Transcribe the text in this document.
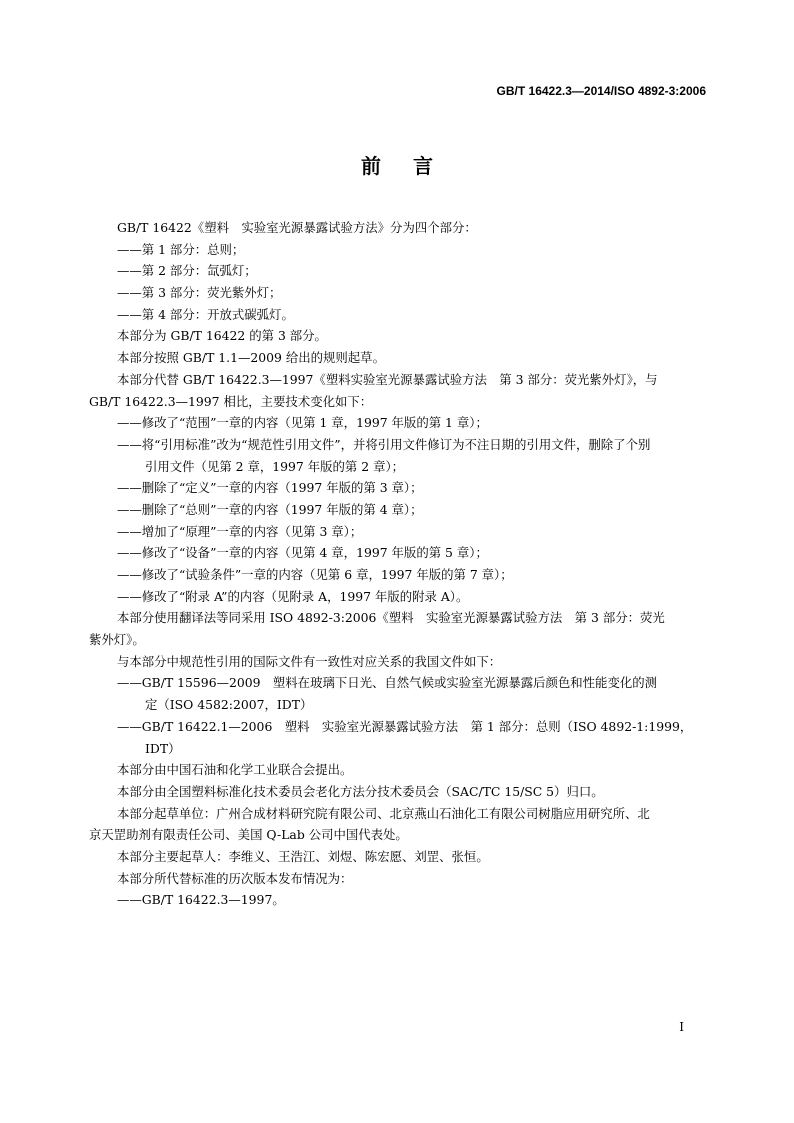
GB/T 16422.3—2014/ISO 4892-3:2006
前言
GB/T 16422《塑料　实验室光源暴露试验方法》分为四个部分：
——第 1 部分：总则；
——第 2 部分：氙弧灯；
——第 3 部分：荧光紫外灯；
——第 4 部分：开放式碳弧灯。
本部分为 GB/T 16422 的第 3 部分。
本部分按照 GB/T 1.1—2009 给出的规则起草。
本部分代替 GB/T 16422.3—1997《塑料实验室光源暴露试验方法　第 3 部分：荧光紫外灯》，与
GB/T 16422.3—1997 相比，主要技术变化如下：
——修改了“范围”一章的内容（见第 1 章，1997 年版的第 1 章）；
——将“引用标准”改为“规范性引用文件”，并将引用文件修订为不注日期的引用文件，删除了个别
引用文件（见第 2 章，1997 年版的第 2 章）；
——删除了“定义”一章的内容（1997 年版的第 3 章）；
——删除了“总则”一章的内容（1997 年版的第 4 章）；
——增加了“原理”一章的内容（见第 3 章）；
——修改了“设备”一章的内容（见第 4 章，1997 年版的第 5 章）；
——修改了“试验条件”一章的内容（见第 6 章，1997 年版的第 7 章）；
——修改了“附录 A”的内容（见附录 A，1997 年版的附录 A）。
本部分使用翻译法等同采用 ISO 4892-3:2006《塑料　实验室光源暴露试验方法　第 3 部分：荧光
紫外灯》。
与本部分中规范性引用的国际文件有一致性对应关系的我国文件如下：
——GB/T 15596—2009　塑料在玻璃下日光、自然气候或实验室光源暴露后颜色和性能变化的测
定（ISO 4582:2007，IDT）
——GB/T 16422.1—2006　塑料　实验室光源暴露试验方法　第 1 部分：总则（ISO 4892-1:1999，
IDT）
本部分由中国石油和化学工业联合会提出。
本部分由全国塑料标准化技术委员会老化方法分技术委员会（SAC/TC 15/SC 5）归口。
本部分起草单位：广州合成材料研究院有限公司、北京燕山石油化工有限公司树脂应用研究所、北
京天罡助剂有限责任公司、美国 Q-Lab 公司中国代表处。
本部分主要起草人：李维义、王浩江、刘煜、陈宏愿、刘罡、张恒。
本部分所代替标准的历次版本发布情况为：
——GB/T 16422.3—1997。
I
